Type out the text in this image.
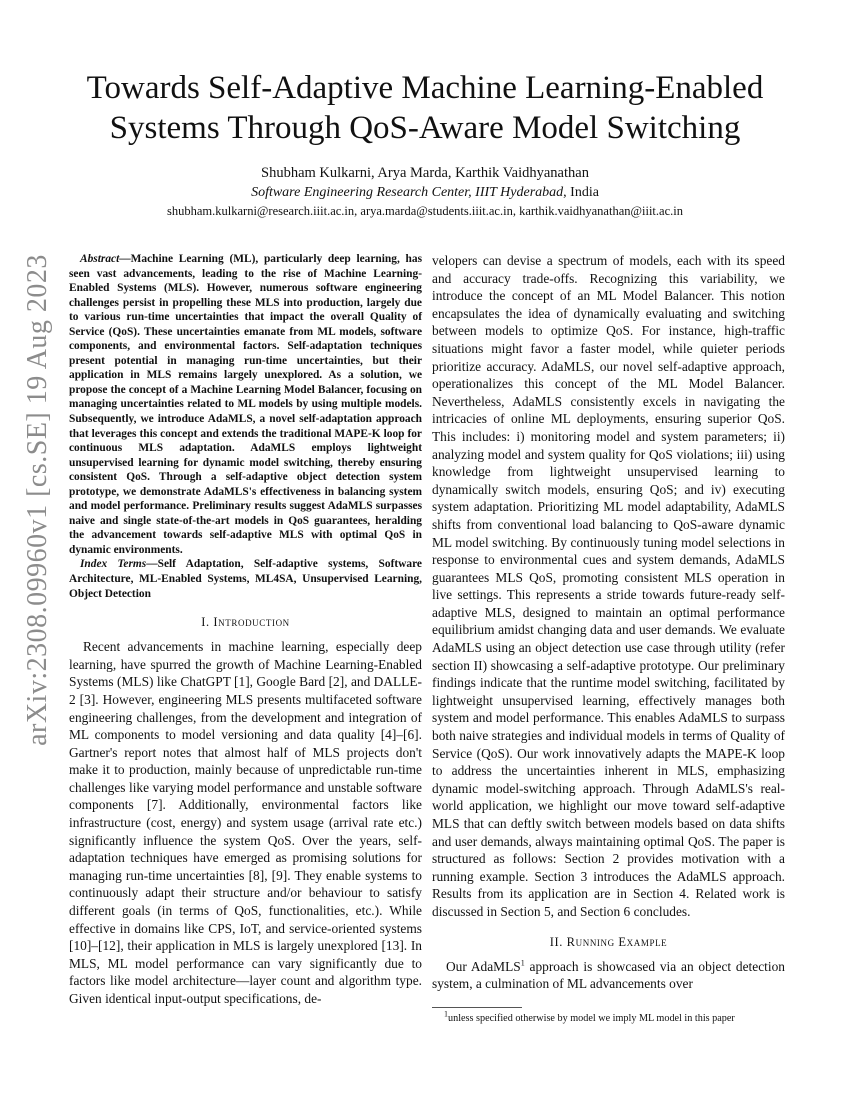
arXiv:2308.09960v1 [cs.SE] 19 Aug 2023
Towards Self-Adaptive Machine Learning-Enabled
Systems Through QoS-Aware Model Switching
Shubham Kulkarni, Arya Marda, Karthik Vaidhyanathan
Software Engineering Research Center, IIIT Hyderabad, India
shubham.kulkarni@research.iiit.ac.in, arya.marda@students.iiit.ac.in, karthik.vaidhyanathan@iiit.ac.in

Abstract—Machine Learning (ML), particularly deep learning, has seen vast advancements, leading to the rise of Machine Learning-Enabled Systems (MLS). However, numerous software engineering challenges persist in propelling these MLS into production, largely due to various run-time uncertainties that impact the overall Quality of Service (QoS). These uncertainties emanate from ML models, software components, and environmental factors. Self-adaptation techniques present potential in managing run-time uncertainties, but their application in MLS remains largely unexplored. As a solution, we propose the concept of a Machine Learning Model Balancer, focusing on managing uncertainties related to ML models by using multiple models. Subsequently, we introduce AdaMLS, a novel self-adaptation approach that leverages this concept and extends the traditional MAPE-K loop for continuous MLS adaptation. AdaMLS employs lightweight unsupervised learning for dynamic model switching, thereby ensuring consistent QoS. Through a self-adaptive object detection system prototype, we demonstrate AdaMLS's effectiveness in balancing system and model performance. Preliminary results suggest AdaMLS surpasses naive and single state-of-the-art models in QoS guarantees, heralding the advancement towards self-adaptive MLS with optimal QoS in dynamic environments.

Index Terms—Self Adaptation, Self-adaptive systems, Software Architecture, ML-Enabled Systems, ML4SA, Unsupervised Learning, Object Detection

I. Introduction

Recent advancements in machine learning, especially deep learning, have spurred the growth of Machine Learning-Enabled Systems (MLS) like ChatGPT [1], Google Bard [2], and DALLE-2 [3]. However, engineering MLS presents multifaceted software engineering challenges, from the development and integration of ML components to model versioning and data quality [4]–[6]. Gartner's report notes that almost half of MLS projects don't make it to production, mainly because of unpredictable run-time challenges like varying model performance and unstable software components [7]. Additionally, environmental factors like infrastructure (cost, energy) and system usage (arrival rate etc.) significantly influence the system QoS. Over the years, self-adaptation techniques have emerged as promising solutions for managing run-time uncertainties [8], [9]. They enable systems to continuously adapt their structure and/or behaviour to satisfy different goals (in terms of QoS, functionalities, etc.). While effective in domains like CPS, IoT, and service-oriented systems [10]–[12], their application in MLS is largely unexplored [13]. In MLS, ML model performance can vary significantly due to factors like model architecture—layer count and algorithm type. Given identical input-output specifications, de-

velopers can devise a spectrum of models, each with its speed and accuracy trade-offs. Recognizing this variability, we introduce the concept of an ML Model Balancer. This notion encapsulates the idea of dynamically evaluating and switching between models to optimize QoS. For instance, high-traffic situations might favor a faster model, while quieter periods prioritize accuracy. AdaMLS, our novel self-adaptive approach, operationalizes this concept of the ML Model Balancer. Nevertheless, AdaMLS consistently excels in navigating the intricacies of online ML deployments, ensuring superior QoS. This includes: i) monitoring model and system parameters; ii) analyzing model and system quality for QoS violations; iii) using knowledge from lightweight unsupervised learning to dynamically switch models, ensuring QoS; and iv) executing system adaptation. Prioritizing ML model adaptability, AdaMLS shifts from conventional load balancing to QoS-aware dynamic ML model switching. By continuously tuning model selections in response to environmental cues and system demands, AdaMLS guarantees MLS QoS, promoting consistent MLS operation in live settings. This represents a stride towards future-ready self-adaptive MLS, designed to maintain an optimal performance equilibrium amidst changing data and user demands. We evaluate AdaMLS using an object detection use case through utility (refer section II) showcasing a self-adaptive prototype. Our preliminary findings indicate that the runtime model switching, facilitated by lightweight unsupervised learning, effectively manages both system and model performance. This enables AdaMLS to surpass both naive strategies and individual models in terms of Quality of Service (QoS). Our work innovatively adapts the MAPE-K loop to address the uncertainties inherent in MLS, emphasizing dynamic model-switching approach. Through AdaMLS's real-world application, we highlight our move toward self-adaptive MLS that can deftly switch between models based on data shifts and user demands, always maintaining optimal QoS. The paper is structured as follows: Section 2 provides motivation with a running example. Section 3 introduces the AdaMLS approach. Results from its application are in Section 4. Related work is discussed in Section 5, and Section 6 concludes.

II. Running Example

Our AdaMLS$^1$ approach is showcased via an object detection system, a culmination of ML advancements over

$^1$unless specified otherwise by model we imply ML model in this paper
